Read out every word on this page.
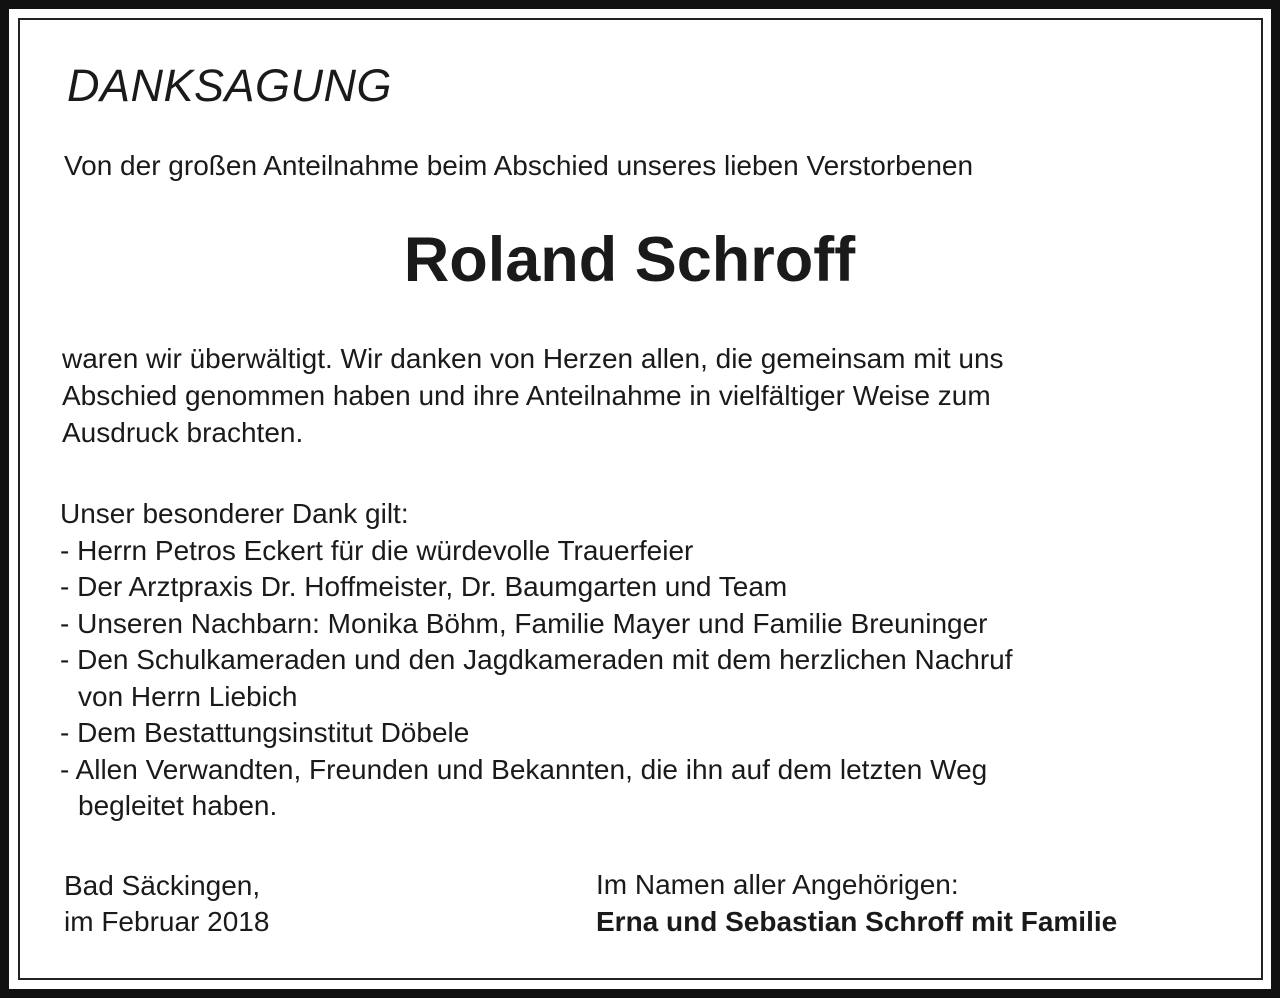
DANKSAGUNG

Von der großen Anteilnahme beim Abschied unseres lieben Verstorbenen

Roland Schroff

waren wir überwältigt. Wir danken von Herzen allen, die gemeinsam mit uns
Abschied genommen haben und ihre Anteilnahme in vielfältiger Weise zum
Ausdruck brachten.

Unser besonderer Dank gilt:
- Herrn Petros Eckert für die würdevolle Trauerfeier
- Der Arztpraxis Dr. Hoffmeister, Dr. Baumgarten und Team
- Unseren Nachbarn: Monika Böhm, Familie Mayer und Familie Breuninger
- Den Schulkameraden und den Jagdkameraden mit dem herzlichen Nachruf
von Herrn Liebich
- Dem Bestattungsinstitut Döbele
- Allen Verwandten, Freunden und Bekannten, die ihn auf dem letzten Weg
begleitet haben.
Bad Säckingen,
im Februar 2018
Im Namen aller Angehörigen:
Erna und Sebastian Schroff mit Familie
